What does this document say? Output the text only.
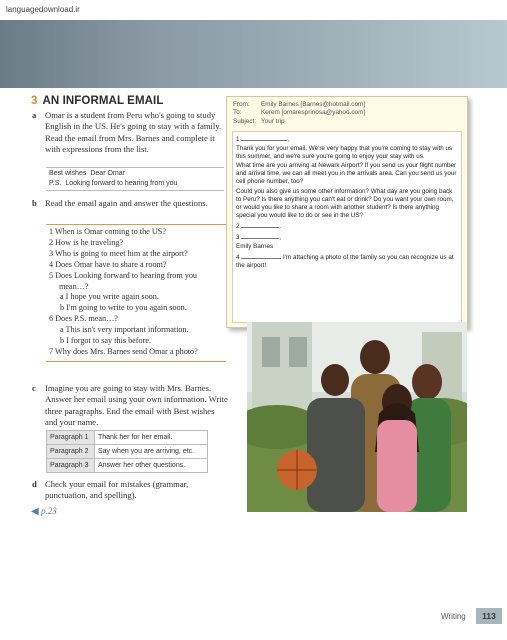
languagedownload.ir
3 AN INFORMAL EMAIL
a	Omar is a student from Peru who's going to study English in the US. He's going to stay with a family. Read the email from Mrs. Barnes and complete it with expressions from the list.
Best wishes Dear Omar
P.S. Looking forward to hearing from you
b Read the email again and answer the questions.
1 When is Omar coming to the US?
2 How is he traveling?
3 Who is going to meet him at the airport?
4 Does Omar have to share a room?
5 Does Looking forward to hearing from you mean…?
a I hope you write again soon.
b I'm going to write to you again soon.
6 Does P.S. mean…?
a This isn't very important information.
b I forgot to say this before.
7 Why does Mrs. Barnes send Omar a photo?
c	Imagine you are going to stay with Mrs. Barnes. Answer her email using your own information. Write three paragraphs. End the email with Best wishes and your name.
Paragraph 1	Thank her for her email.
Paragraph 2	Say when you are arriving, etc.
Paragraph 3	Answer her other questions.
d Check your email for mistakes (grammar, punctuation, and spelling).
◀ p.23
From: Emily Barnes [Barnes@hotmail.com]
To:	Kerem [omaresprinosa@yahoo.com]
Subject: Your trip

1	,

Thank you for your email. We're very happy that you're coming to stay with us this summer, and we're sure you're going to enjoy your stay with us.

What time are you arriving at Newark Airport? If you send us your flight number and arrival time, we can all meet you in the arrivals area. Can you send us your cell phone number, too?

Could you also give us some other information? What day are you going back to Peru? Is there anything you can't eat or drink? Do you want your own room, or would you like to share a room with another student? Is there anything special you would like to do or see in the US?

2	.

3	,

Emily Barnes

4	I'm attaching a photo of the family so you can recognize us at the airport!

Writing	113
